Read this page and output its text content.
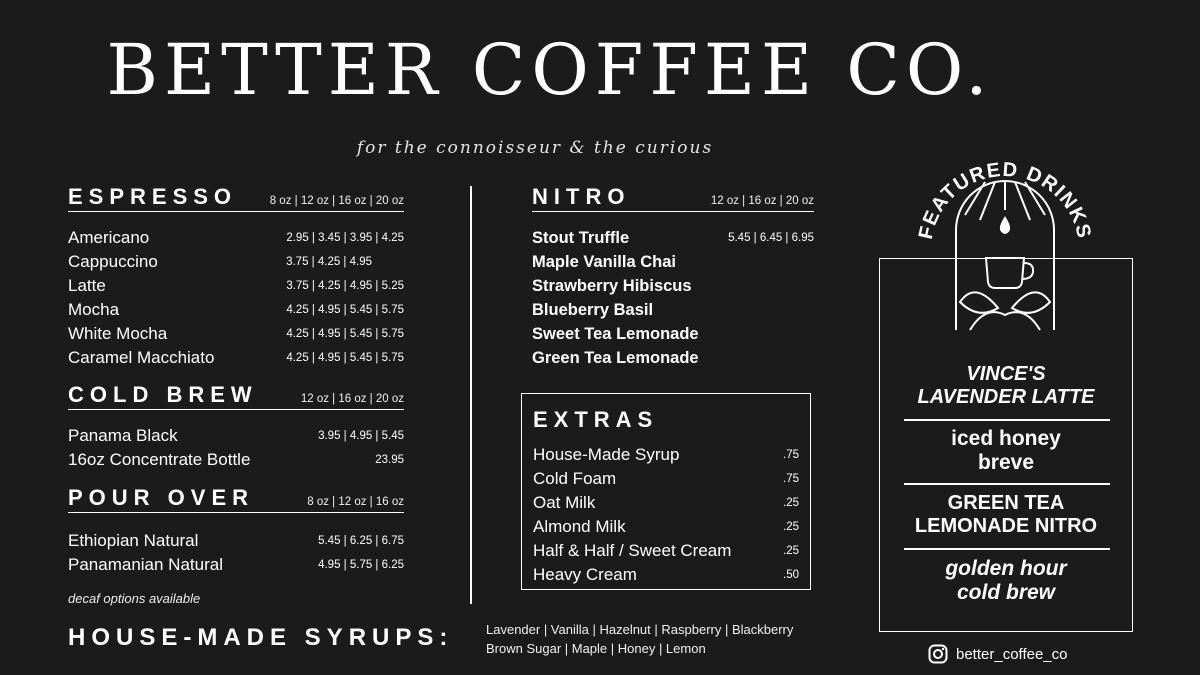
BETTER COFFEE CO.
for the connoisseur & the curious
ESPRESSO	8 oz | 12 oz | 16 oz | 20 oz
Americano	2.95 | 3.45 | 3.95 | 4.25
Cappuccino	3.75 | 4.25 | 4.95
Latte	3.75 | 4.25 | 4.95 | 5.25
Mocha	4.25 | 4.95 | 5.45 | 5.75
White Mocha	4.25 | 4.95 | 5.45 | 5.75
Caramel Macchiato	4.25 | 4.95 | 5.45 | 5.75
COLD BREW	12 oz | 16 oz | 20 oz
Panama Black	3.95 | 4.95 | 5.45
16oz Concentrate Bottle	23.95
POUR OVER	8 oz | 12 oz | 16 oz
Ethiopian Natural	5.45 | 6.25 | 6.75
Panamanian Natural	4.95 | 5.75 | 6.25
decaf options available
NITRO	12 oz | 16 oz | 20 oz
Stout Truffle	5.45 | 6.45 | 6.95
Maple Vanilla Chai
Strawberry Hibiscus
Blueberry Basil
Sweet Tea Lemonade
Green Tea Lemonade
EXTRAS
House-Made Syrup	.75
Cold Foam	.75
Oat Milk	.25
Almond Milk	.25
Half & Half / Sweet Cream	.25
Heavy Cream	.50
HOUSE-MADE SYRUPS:	Lavender | Vanilla | Hazelnut | Raspberry | Blackberry
Brown Sugar | Maple | Honey | Lemon
FEATURED DRINKS
VINCE'S
LAVENDER LATTE
iced honey
breve
GREEN TEA
LEMONADE NITRO
golden hour
cold brew
better_coffee_co
